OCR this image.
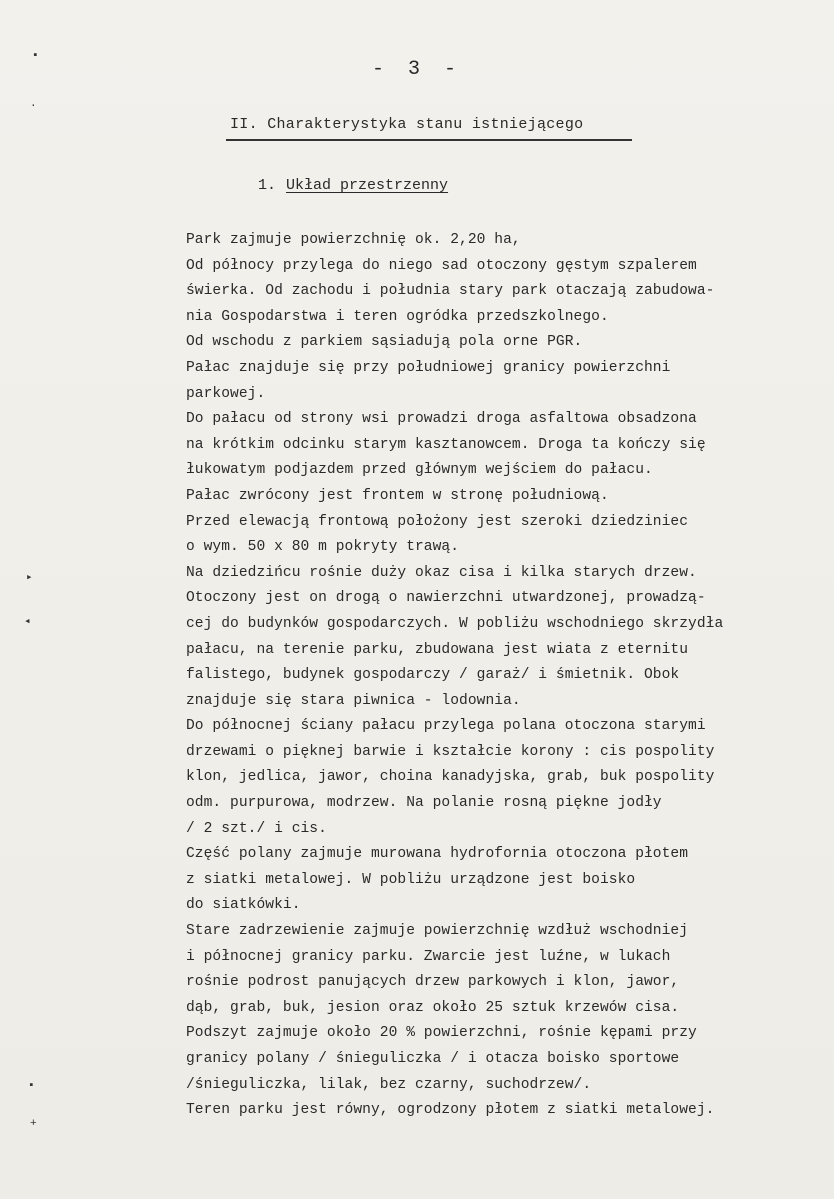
▪
.
▸
◂
▪
+
- 3 -
II. Charakterystyka stanu istniejącego
1. Układ przestrzenny
Park zajmuje powierzchnię ok. 2,20 ha,
Od północy przylega do niego sad otoczony gęstym szpalerem
świerka. Od zachodu i południa stary park otaczają zabudowa-
nia Gospodarstwa i teren ogródka przedszkolnego.
Od wschodu z parkiem sąsiadują pola orne PGR.
Pałac znajduje się przy południowej granicy powierzchni
parkowej.
Do pałacu od strony wsi prowadzi droga asfaltowa obsadzona
na krótkim odcinku starym kasztanowcem. Droga ta kończy się
łukowatym podjazdem przed głównym wejściem do pałacu.
Pałac zwrócony jest frontem w stronę południową.
Przed elewacją frontową położony jest szeroki dziedziniec
o wym. 50 x 80 m pokryty trawą.
Na dziedzińcu rośnie duży okaz cisa i kilka starych drzew.
Otoczony jest on drogą o nawierzchni utwardzonej, prowadzą-
cej do budynków gospodarczych. W pobliżu wschodniego skrzydła
pałacu, na terenie parku, zbudowana jest wiata z eternitu
falistego, budynek gospodarczy / garaż/ i śmietnik. Obok
znajduje się stara piwnica - lodownia.
Do północnej ściany pałacu przylega polana otoczona starymi
drzewami o pięknej barwie i kształcie korony : cis pospolity
klon, jedlica, jawor, choina kanadyjska, grab, buk pospolity
odm. purpurowa, modrzew. Na polanie rosną piękne jodły
/ 2 szt./ i cis.
Część polany zajmuje murowana hydrofornia otoczona płotem
z siatki metalowej. W pobliżu urządzone jest boisko
do siatkówki.
Stare zadrzewienie zajmuje powierzchnię wzdłuż wschodniej
i północnej granicy parku. Zwarcie jest luźne, w lukach
rośnie podrost panujących drzew parkowych i klon, jawor,
dąb, grab, buk, jesion oraz około 25 sztuk krzewów cisa.
Podszyt zajmuje około 20 % powierzchni, rośnie kępami przy
granicy polany / śnieguliczka / i otacza boisko sportowe
/śnieguliczka, lilak, bez czarny, suchodrzew/.
Teren parku jest równy, ogrodzony płotem z siatki metalowej.
